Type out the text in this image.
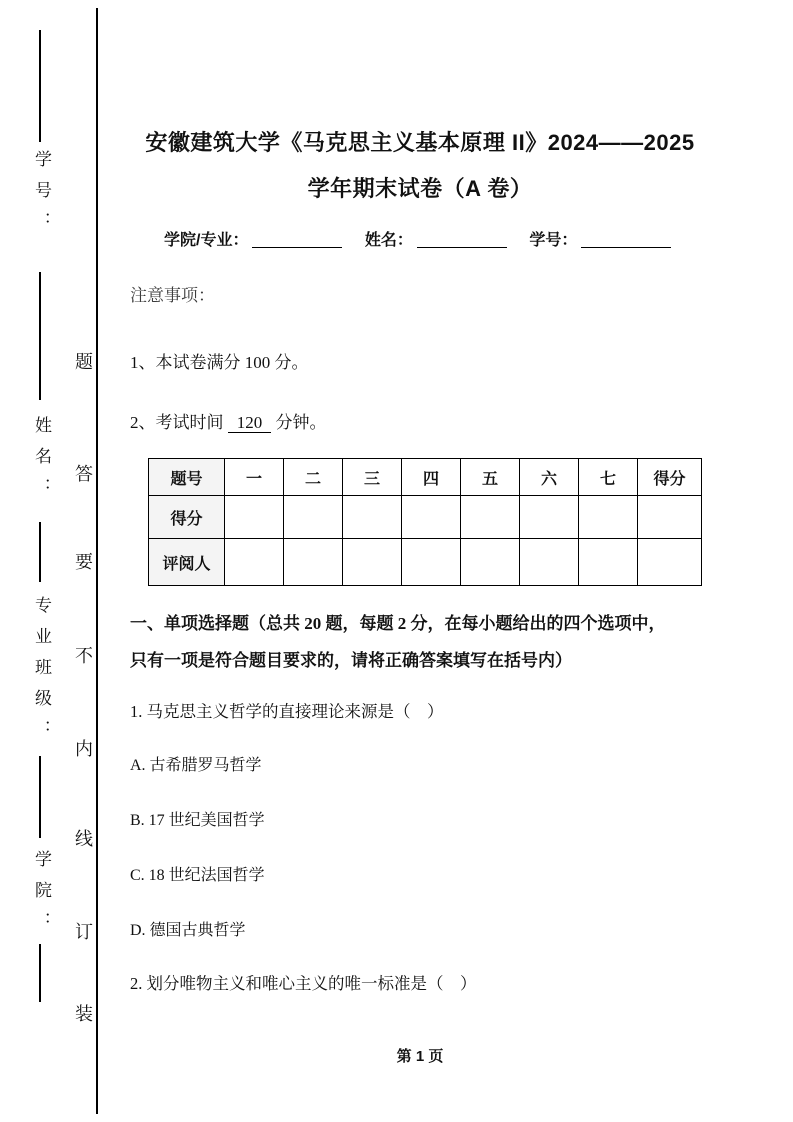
学号：
姓名：
专业班级：
学院：
题
答
要
不
内
线
订
装
安徽建筑大学《马克思主义基本原理 II》2024——2025
学年期末试卷（A 卷）
学院/专业：	姓名：	学号：
注意事项：
1、本试卷满分 100 分。
2、考试时间 120 分钟。
题号	一	二	三	四	五	六	七	得分
得分								
评阅人								
一、单项选择题（总共 20 题，每题 2 分，在每小题给出的四个选项中，
只有一项是符合题目要求的，请将正确答案填写在括号内）
1. 马克思主义哲学的直接理论来源是（　）
A. 古希腊罗马哲学
B. 17 世纪美国哲学
C. 18 世纪法国哲学
D. 德国古典哲学
2. 划分唯物主义和唯心主义的唯一标准是（　）
第 1 页
